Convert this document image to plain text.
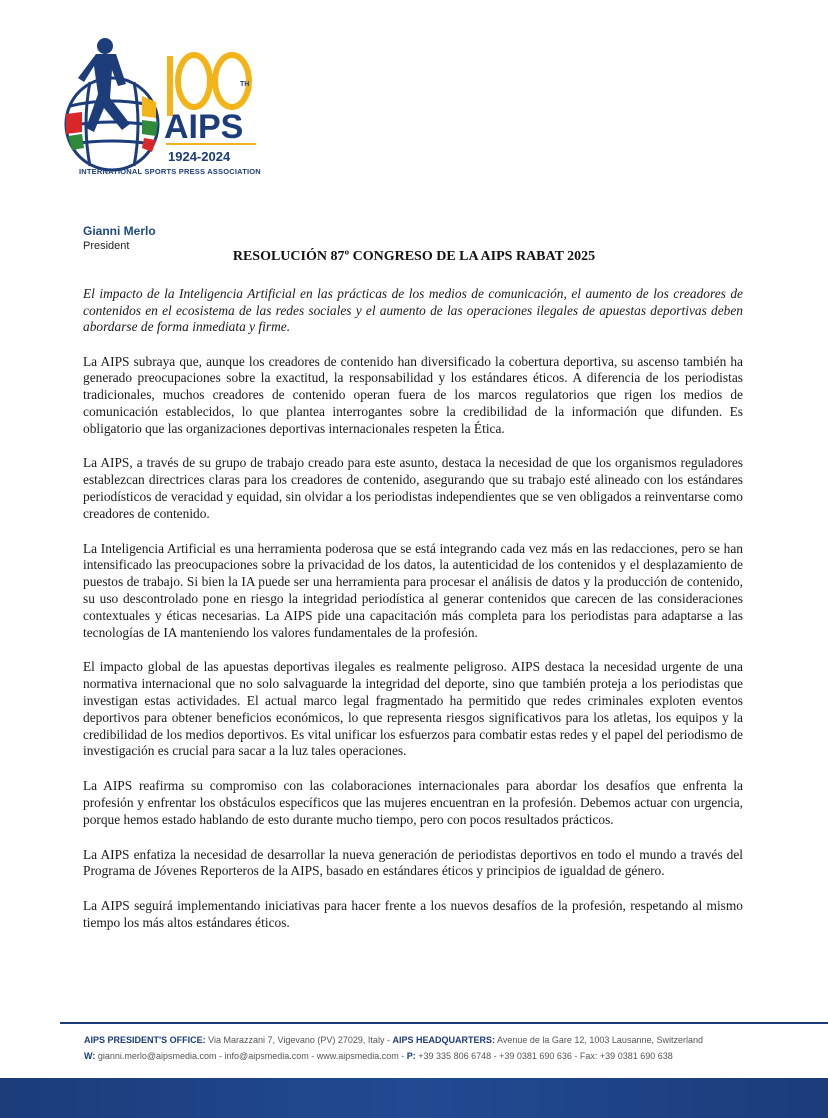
TH
AIPS
1924-2024
INTERNATIONAL SPORTS PRESS ASSOCIATION
Gianni Merlo
President
RESOLUCIÓN 87º CONGRESO DE LA AIPS RABAT 2025

El impacto de la Inteligencia Artificial en las prácticas de los medios de comunicación, el aumento de los creadores de contenidos en el ecosistema de las redes sociales y el aumento de las operaciones ilegales de apuestas deportivas deben abordarse de forma inmediata y firme.

La AIPS subraya que, aunque los creadores de contenido han diversificado la cobertura deportiva, su ascenso también ha generado preocupaciones sobre la exactitud, la responsabilidad y los estándares éticos. A diferencia de los periodistas tradicionales, muchos creadores de contenido operan fuera de los marcos regulatorios que rigen los medios de comunicación establecidos, lo que plantea interrogantes sobre la credibilidad de la información que difunden. Es obligatorio que las organizaciones deportivas internacionales respeten la Ética.

La AIPS, a través de su grupo de trabajo creado para este asunto, destaca la necesidad de que los organismos reguladores establezcan directrices claras para los creadores de contenido, asegurando que su trabajo esté alineado con los estándares periodísticos de veracidad y equidad, sin olvidar a los periodistas independientes que se ven obligados a reinventarse como creadores de contenido.

La Inteligencia Artificial es una herramienta poderosa que se está integrando cada vez más en las redacciones, pero se han intensificado las preocupaciones sobre la privacidad de los datos, la autenticidad de los contenidos y el desplazamiento de puestos de trabajo. Si bien la IA puede ser una herramienta para procesar el análisis de datos y la producción de contenido, su uso descontrolado pone en riesgo la integridad periodística al generar contenidos que carecen de las consideraciones contextuales y éticas necesarias. La AIPS pide una capacitación más completa para los periodistas para adaptarse a las tecnologías de IA manteniendo los valores fundamentales de la profesión.

El impacto global de las apuestas deportivas ilegales es realmente peligroso. AIPS destaca la necesidad urgente de una normativa internacional que no solo salvaguarde la integridad del deporte, sino que también proteja a los periodistas que investigan estas actividades. El actual marco legal fragmentado ha permitido que redes criminales exploten eventos deportivos para obtener beneficios económicos, lo que representa riesgos significativos para los atletas, los equipos y la credibilidad de los medios deportivos. Es vital unificar los esfuerzos para combatir estas redes y el papel del periodismo de investigación es crucial para sacar a la luz tales operaciones.

La AIPS reafirma su compromiso con las colaboraciones internacionales para abordar los desafíos que enfrenta la profesión y enfrentar los obstáculos específicos que las mujeres encuentran en la profesión. Debemos actuar con urgencia, porque hemos estado hablando de esto durante mucho tiempo, pero con pocos resultados prácticos.

La AIPS enfatiza la necesidad de desarrollar la nueva generación de periodistas deportivos en todo el mundo a través del Programa de Jóvenes Reporteros de la AIPS, basado en estándares éticos y principios de igualdad de género.

La AIPS seguirá implementando iniciativas para hacer frente a los nuevos desafíos de la profesión, respetando al mismo tiempo los más altos estándares éticos.

AIPS PRESIDENT'S OFFICE: Via Marazzani 7, Vigevano (PV) 27029, Italy - AIPS HEADQUARTERS: Avenue de la Gare 12, 1003 Lausanne, Switzerland
W: gianni.merlo@aipsmedia.com - info@aipsmedia.com - www.aipsmedia.com - P: +39 335 806 6748 - +39 0381 690 636 - Fax: +39 0381 690 638
